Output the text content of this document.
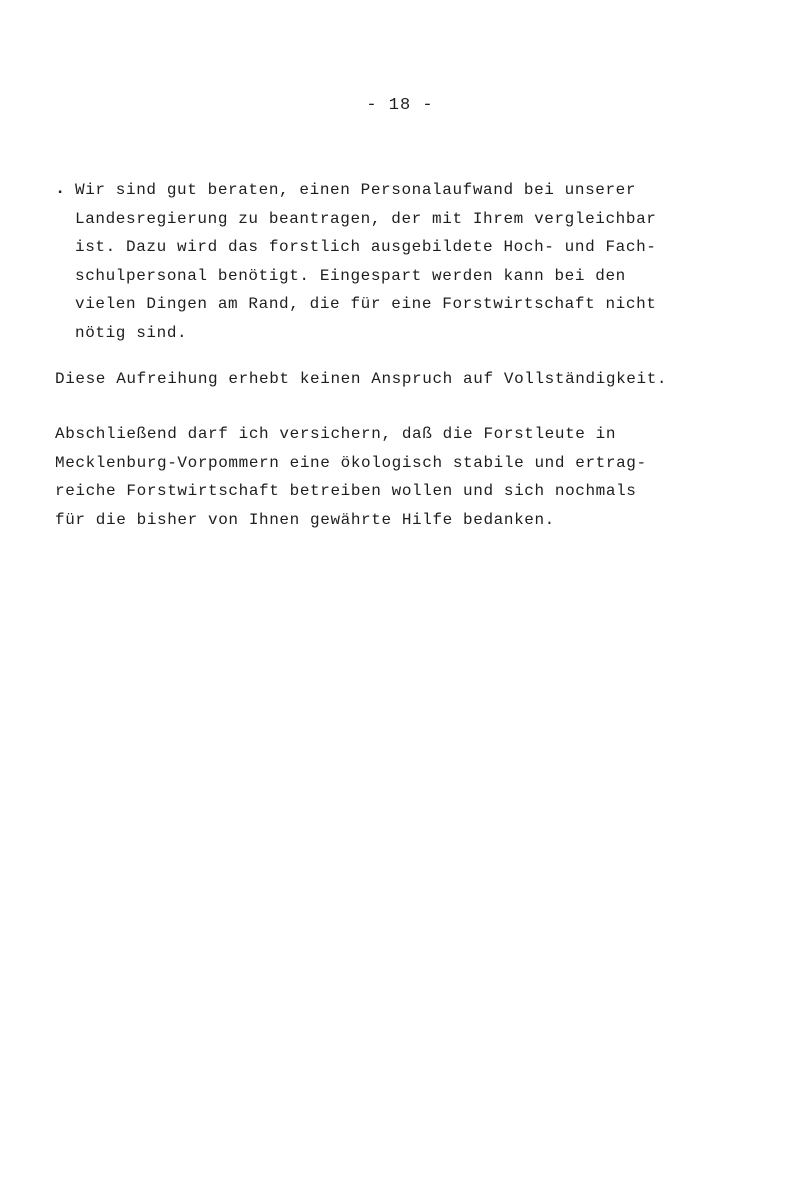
- 18 -
. Wir sind gut beraten, einen Personalaufwand bei unserer
Landesregierung zu beantragen, der mit Ihrem vergleichbar
ist. Dazu wird das forstlich ausgebildete Hoch- und Fach-
schulpersonal benötigt. Eingespart werden kann bei den
vielen Dingen am Rand, die für eine Forstwirtschaft nicht
nötig sind.
Diese Aufreihung erhebt keinen Anspruch auf Vollständigkeit.
Abschließend darf ich versichern, daß die Forstleute in
Mecklenburg-Vorpommern eine ökologisch stabile und ertrag-
reiche Forstwirtschaft betreiben wollen und sich nochmals
für die bisher von Ihnen gewährte Hilfe bedanken.
